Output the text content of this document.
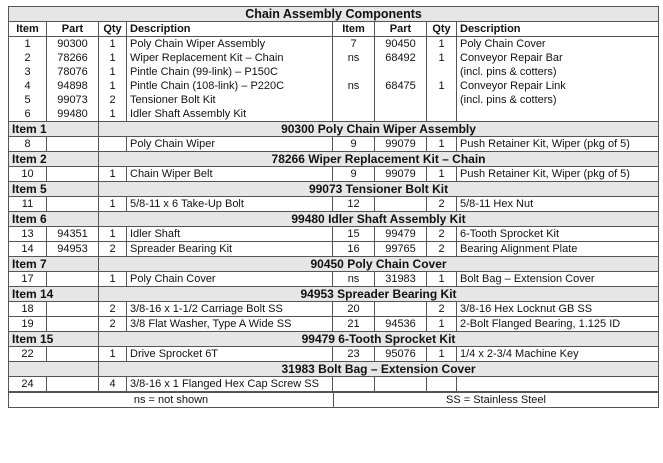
Chain Assembly Components							
Item	Part	Qty	Description	Item	Part	Qty	Description
1	90300	1	Poly Chain Wiper Assembly	7	90450	1	Poly Chain Cover
2	78266	1	Wiper Replacement Kit – Chain	ns	68492	1	Conveyor Repair Bar
3	78076	1	Pintle Chain (99-link) – P150C				(incl. pins & cotters)
4	94898	1	Pintle Chain (108-link) – P220C	ns	68475	1	Conveyor Repair Link
5	99073	2	Tensioner Bolt Kit				(incl. pins & cotters)
6	99480	1	Idler Shaft Assembly Kit				
Item 1		90300 Poly Chain Wiper Assembly					
8			Poly Chain Wiper	9	99079	1	Push Retainer Kit, Wiper (pkg of 5)
Item 2		78266 Wiper Replacement Kit – Chain					
10		1	Chain Wiper Belt	9	99079	1	Push Retainer Kit, Wiper (pkg of 5)
Item 5		99073 Tensioner Bolt Kit					
11		1	5/8-11 x 6 Take-Up Bolt	12		2	5/8-11 Hex Nut
Item 6		99480 Idler Shaft Assembly Kit					
13	94351	1	Idler Shaft	15	99479	2	6-Tooth Sprocket Kit
14	94953	2	Spreader Bearing Kit	16	99765	2	Bearing Alignment Plate
Item 7		90450 Poly Chain Cover					
17		1	Poly Chain Cover	ns	31983	1	Bolt Bag – Extension Cover
Item 14		94953 Spreader Bearing Kit					
18		2	3/8-16 x 1-1/2 Carriage Bolt SS	20		2	3/8-16 Hex Locknut GB SS
19		2	3/8 Flat Washer, Type A Wide SS	21	94536	1	2-Bolt Flanged Bearing, 1.125 ID
Item 15		99479 6-Tooth Sprocket Kit					
22		1	Drive Sprocket 6T	23	95076	1	1/4 x 2-3/4 Machine Key
		31983 Bolt Bag – Extension Cover					
24		4	3/8-16 x 1 Flanged Hex Cap Screw SS				
ns = not shown	SS = Stainless Steel
